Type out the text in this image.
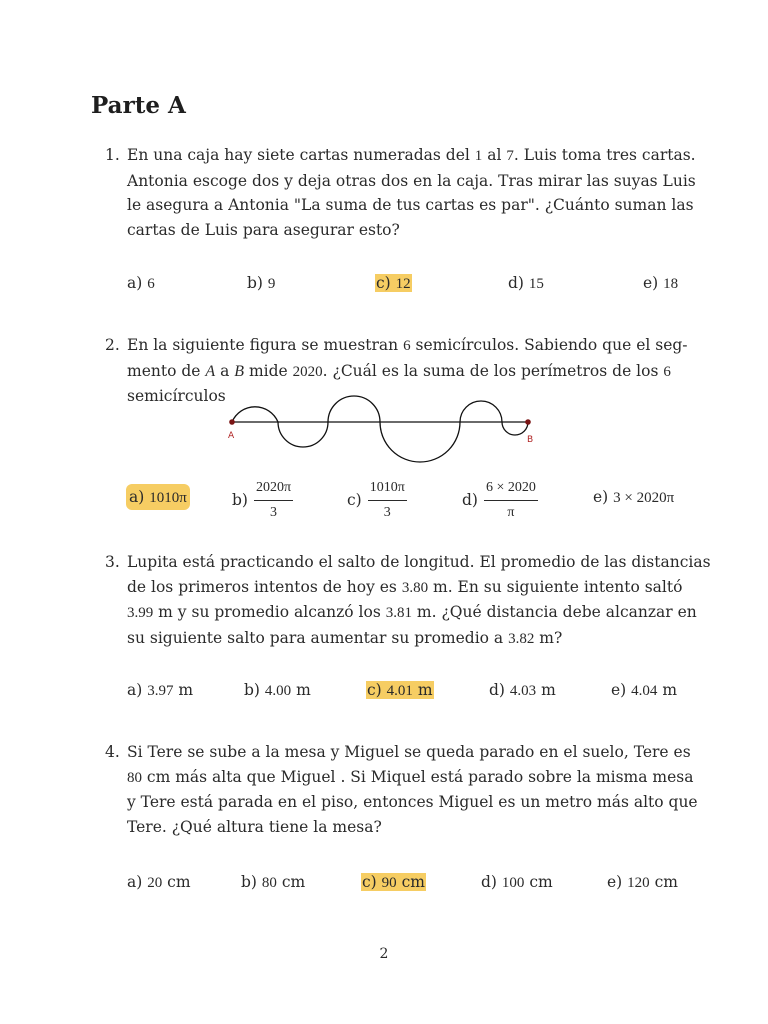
Parte A
1. En una caja hay siete cartas numeradas del 1 al 7. Luis toma tres cartas.
Antonia escoge dos y deja otras dos en la caja. Tras mirar las suyas Luis
le asegura a Antonia "La suma de tus cartas es par". ¿Cuánto suman las
cartas de Luis para asegurar esto?
a) 6	b) 9	c) 12	d) 15	e) 18
2. En la siguiente figura se muestran 6 semicírculos. Sabiendo que el seg-
mento de A a B mide 2020. ¿Cuál es la suma de los perímetros de los 6
semicírculos
A	B
a) 1010π	$b) \frac{2020\pi}{3}$	$c) \frac{1010\pi}{3}$	$d) \frac{6 \times 2020}{\pi}$	e) 3 × 2020π
3. Lupita está practicando el salto de longitud. El promedio de las distancias
de los primeros intentos de hoy es 3.80 m. En su siguiente intento saltó
3.99 m y su promedio alcanzó los 3.81 m. ¿Qué distancia debe alcanzar en
su siguiente salto para aumentar su promedio a 3.82 m?
a) 3.97 m	b) 4.00 m	c) 4.01 m	d) 4.03 m	e) 4.04 m
4. Si Tere se sube a la mesa y Miguel se queda parado en el suelo, Tere es
80 cm más alta que Miguel . Si Miquel está parado sobre la misma mesa
y Tere está parada en el piso, entonces Miguel es un metro más alto que
Tere. ¿Qué altura tiene la mesa?
a) 20 cm	b) 80 cm	c) 90 cm	d) 100 cm	e) 120 cm
2
